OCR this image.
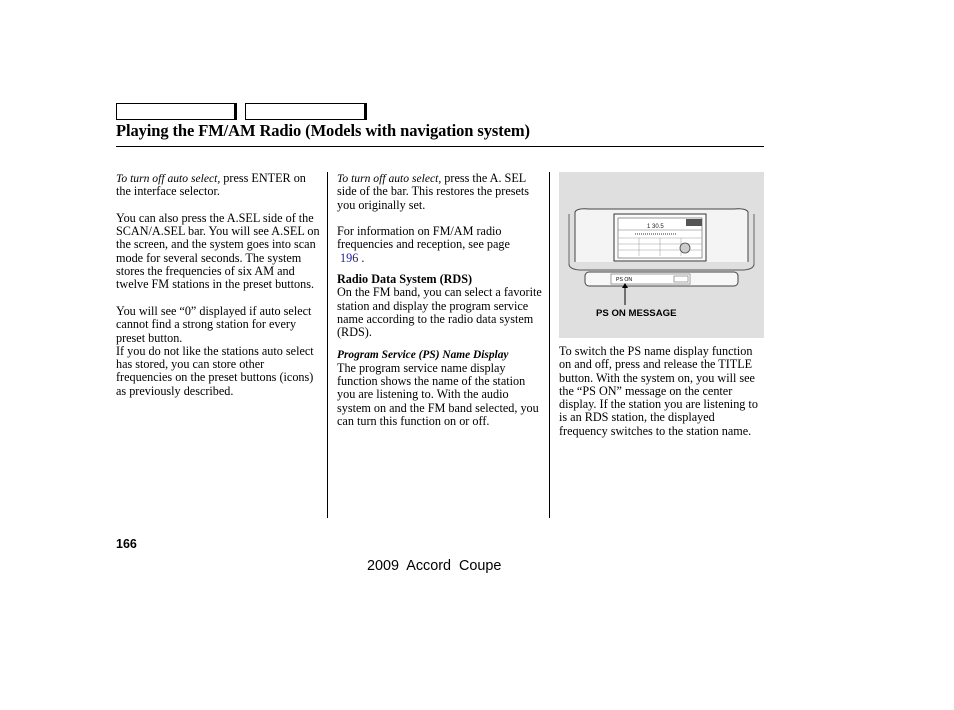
Playing the FM/AM Radio (Models with navigation system)

To turn off auto select, press ENTER on the interface selector.

You can also press the A.SEL side of the SCAN/A.SEL bar. You will see A.SEL on the screen, and the system goes into scan mode for several seconds. The system stores the frequencies of six AM and twelve FM stations in the preset buttons.

You will see “0” displayed if auto select cannot find a strong station for every preset button.

If you do not like the stations auto select has stored, you can store other frequencies on the preset buttons (icons) as previously described.

To turn off auto select, press the A. SEL side of the bar. This restores the presets you originally set.

For information on FM/AM radio frequencies and reception, see page
196 .

Radio Data System (RDS)

On the FM band, you can select a favorite station and display the program service name according to the radio data system (RDS).

Program Service (PS) Name Display

The program service name display function shows the name of the station you are listening to. With the audio system on and the FM band selected, you can turn this function on or off.

1 30.5
PS ON
PS ON MESSAGE

To switch the PS name display function on and off, press and release the TITLE button. With the system on, you will see the “PS ON” message on the center display. If the station you are listening to is an RDS station, the displayed frequency switches to the station name.

166
2009  Accord  Coupe
